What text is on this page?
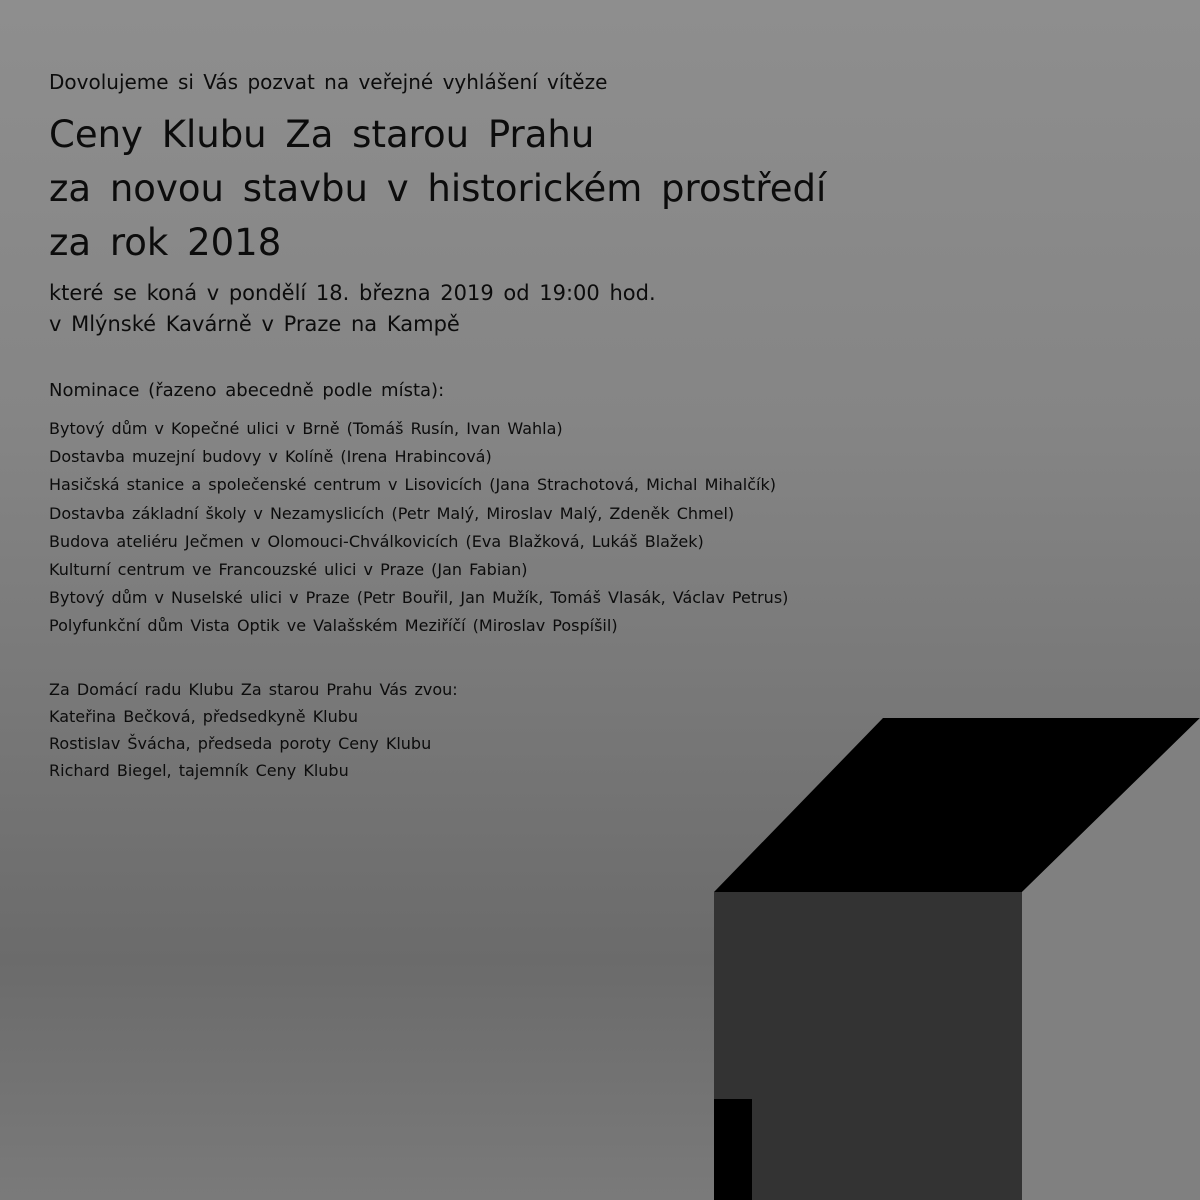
Dovolujeme si Vás pozvat na veřejné vyhlášení vítěze
Ceny Klubu Za starou Prahu
za novou stavbu v historickém prostředí
za rok 2018
které se koná v pondělí 18. března 2019 od 19:00 hod.
v Mlýnské Kavárně v Praze na Kampě
Nominace (řazeno abecedně podle místa):
Bytový dům v Kopečné ulici v Brně (Tomáš Rusín, Ivan Wahla)
Dostavba muzejní budovy v Kolíně (Irena Hrabincová)
Hasičská stanice a společenské centrum v Lisovicích (Jana Strachotová, Michal Mihalčík)
Dostavba základní školy v Nezamyslicích (Petr Malý, Miroslav Malý, Zdeněk Chmel)
Budova ateliéru Ječmen v Olomouci-Chválkovicích (Eva Blažková, Lukáš Blažek)
Kulturní centrum ve Francouzské ulici v Praze (Jan Fabian)
Bytový dům v Nuselské ulici v Praze (Petr Bouřil, Jan Mužík, Tomáš Vlasák, Václav Petrus)
Polyfunkční dům Vista Optik ve Valašském Meziříčí (Miroslav Pospíšil)
Za Domácí radu Klubu Za starou Prahu Vás zvou:
Kateřina Bečková, předsedkyně Klubu
Rostislav Švácha, předseda poroty Ceny Klubu
Richard Biegel, tajemník Ceny Klubu
